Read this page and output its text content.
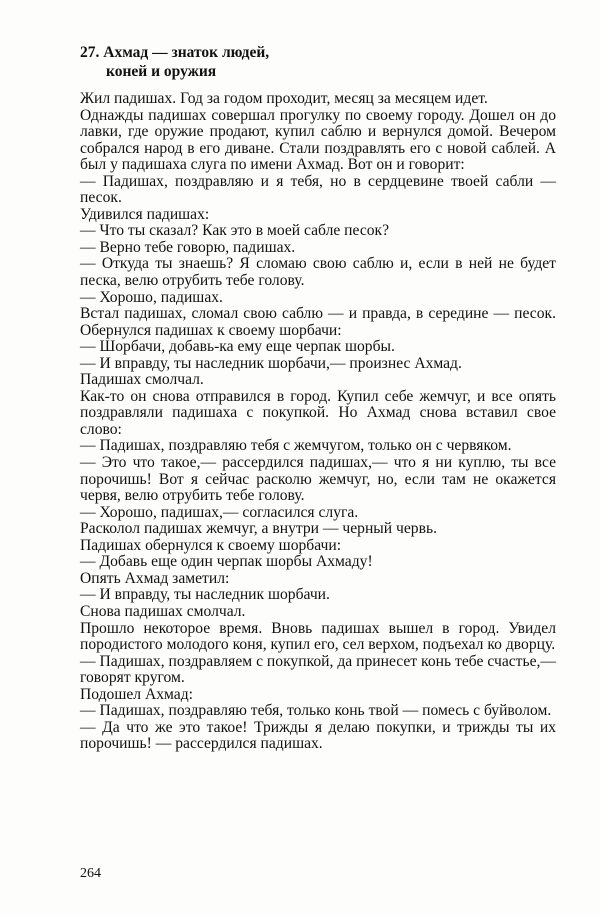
27. Ахмад — знаток людей,
коней и оружия

Жил падишах. Год за годом проходит, месяц за месяцем идет.

Однажды падишах совершал прогулку по своему городу. Дошел он до лавки, где оружие продают, купил саблю и вернулся домой. Вечером собрался народ в его диване. Стали поздравлять его с новой саблей. А был у падишаха слуга по имени Ахмад. Вот он и говорит:

— Падишах, поздравляю и я тебя, но в сердцевине твоей сабли — песок.

Удивился падишах:

— Что ты сказал? Как это в моей сабле песок?

— Верно тебе говорю, падишах.

— Откуда ты знаешь? Я сломаю свою саблю и, если в ней не будет песка, велю отрубить тебе голову.

— Хорошо, падишах.

Встал падишах, сломал свою саблю — и правда, в середине — песок. Обернулся падишах к своему шорбачи:

— Шорбачи, добавь-ка ему еще черпак шорбы.

— И вправду, ты наследник шорбачи,— произнес Ахмад.

Падишах смолчал.

Как-то он снова отправился в город. Купил себе жемчуг, и все опять поздравляли падишаха с покупкой. Но Ахмад снова вставил свое слово:

— Падишах, поздравляю тебя с жемчугом, только он с червяком.

— Это что такое,— рассердился падишах,— что я ни куплю, ты все порочишь! Вот я сейчас расколю жемчуг, но, если там не окажется червя, велю отрубить тебе голову.

— Хорошо, падишах,— согласился слуга.

Расколол падишах жемчуг, а внутри — черный червь.

Падишах обернулся к своему шорбачи:

— Добавь еще один черпак шорбы Ахмаду!

Опять Ахмад заметил:

— И вправду, ты наследник шорбачи.

Снова падишах смолчал.

Прошло некоторое время. Вновь падишах вышел в город. Увидел породистого молодого коня, купил его, сел верхом, подъехал ко дворцу.

— Падишах, поздравляем с покупкой, да принесет конь тебе счастье,— говорят кругом.

Подошел Ахмад:

— Падишах, поздравляю тебя, только конь твой — помесь с буйволом.

— Да что же это такое! Трижды я делаю покупки, и трижды ты их порочишь! — рассердился падишах.

264
